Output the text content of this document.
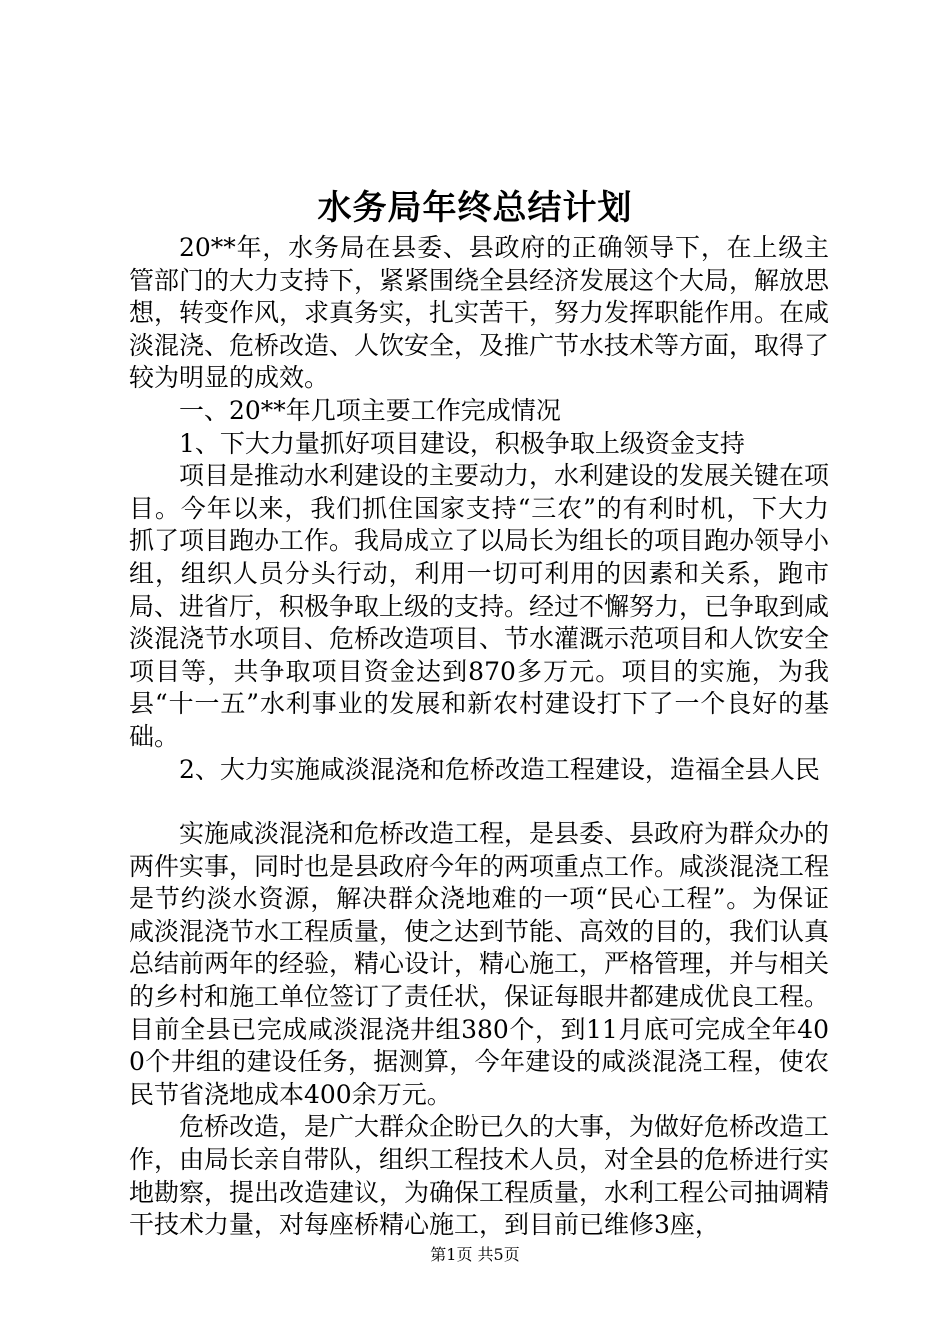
水务局年终总结计划

20**年，水务局在县委、县政府的正确领导下，在上级主管部门的大力支持下，紧紧围绕全县经济发展这个大局，解放思想，转变作风，求真务实，扎实苦干，努力发挥职能作用。在咸淡混浇、危桥改造、人饮安全，及推广节水技术等方面，取得了较为明显的成效。

一、20**年几项主要工作完成情况

1、下大力量抓好项目建设，积极争取上级资金支持

项目是推动水利建设的主要动力，水利建设的发展关键在项目。今年以来，我们抓住国家支持“三农”的有利时机，下大力抓了项目跑办工作。我局成立了以局长为组长的项目跑办领导小组，组织人员分头行动，利用一切可利用的因素和关系，跑市局、进省厅，积极争取上级的支持。经过不懈努力，已争取到咸淡混浇节水项目、危桥改造项目、节水灌溉示范项目和人饮安全项目等，共争取项目资金达到870多万元。项目的实施，为我县“十一五”水利事业的发展和新农村建设打下了一个良好的基础。

2、大力实施咸淡混浇和危桥改造工程建设，造福全县人民

实施咸淡混浇和危桥改造工程，是县委、县政府为群众办的两件实事，同时也是县政府今年的两项重点工作。咸淡混浇工程是节约淡水资源，解决群众浇地难的一项“民心工程”。为保证咸淡混浇节水工程质量，使之达到节能、高效的目的，我们认真总结前两年的经验，精心设计，精心施工，严格管理，并与相关的乡村和施工单位签订了责任状，保证每眼井都建成优良工程。目前全县已完成咸淡混浇井组380个，到11月底可完成全年400个井组的建设任务，据测算，今年建设的咸淡混浇工程，使农民节省浇地成本400余万元。

危桥改造，是广大群众企盼已久的大事，为做好危桥改造工作，由局长亲自带队，组织工程技术人员，对全县的危桥进行实地勘察，提出改造建议，为确保工程质量，水利工程公司抽调精干技术力量，对每座桥精心施工，到目前已维修3座，

第1页 共5页
